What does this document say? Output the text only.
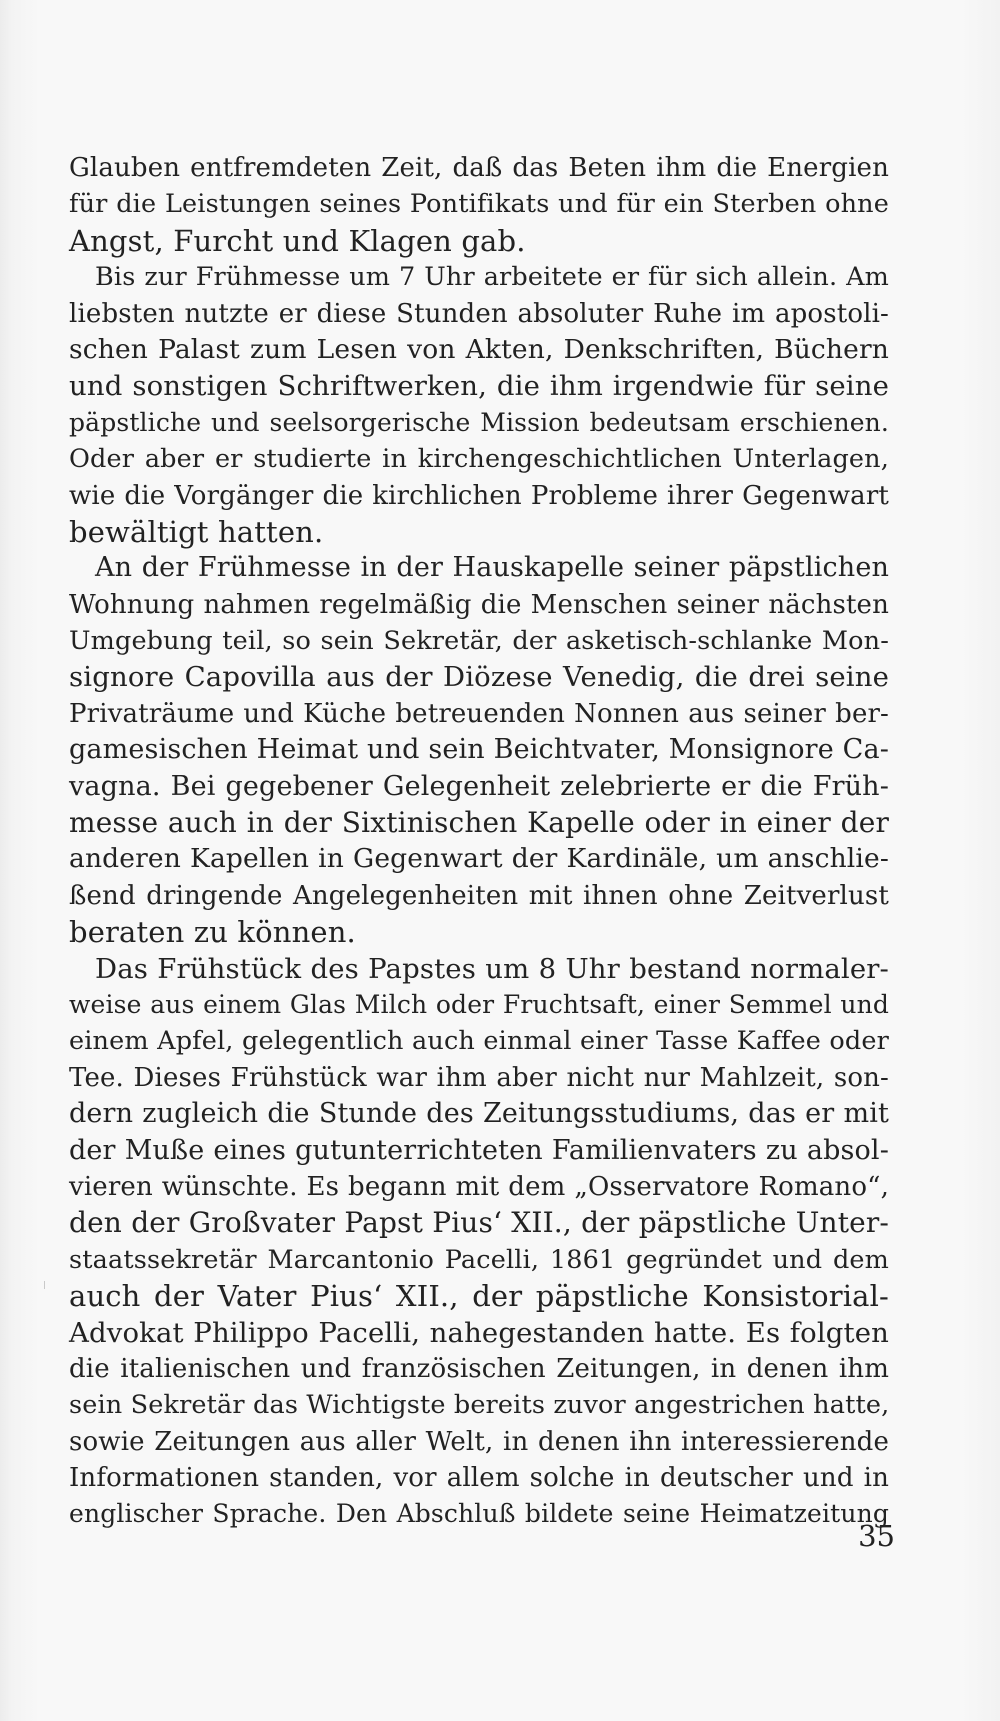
Glauben entfremdeten Zeit, daß das Beten ihm die Energien
für die Leistungen seines Pontifikats und für ein Sterben ohne
Angst, Furcht und Klagen gab.
Bis zur Frühmesse um 7 Uhr arbeitete er für sich allein. Am
liebsten nutzte er diese Stunden absoluter Ruhe im apostoli-
schen Palast zum Lesen von Akten, Denkschriften, Büchern
und sonstigen Schriftwerken, die ihm irgendwie für seine
päpstliche und seelsorgerische Mission bedeutsam erschienen.
Oder aber er studierte in kirchengeschichtlichen Unterlagen,
wie die Vorgänger die kirchlichen Probleme ihrer Gegenwart
bewältigt hatten.
An der Frühmesse in der Hauskapelle seiner päpstlichen
Wohnung nahmen regelmäßig die Menschen seiner nächsten
Umgebung teil, so sein Sekretär, der asketisch-schlanke Mon-
signore Capovilla aus der Diözese Venedig, die drei seine
Privaträume und Küche betreuenden Nonnen aus seiner ber-
gamesischen Heimat und sein Beichtvater, Monsignore Ca-
vagna. Bei gegebener Gelegenheit zelebrierte er die Früh-
messe auch in der Sixtinischen Kapelle oder in einer der
anderen Kapellen in Gegenwart der Kardinäle, um anschlie-
ßend dringende Angelegenheiten mit ihnen ohne Zeitverlust
beraten zu können.
Das Frühstück des Papstes um 8 Uhr bestand normaler-
weise aus einem Glas Milch oder Fruchtsaft, einer Semmel und
einem Apfel, gelegentlich auch einmal einer Tasse Kaffee oder
Tee. Dieses Frühstück war ihm aber nicht nur Mahlzeit, son-
dern zugleich die Stunde des Zeitungsstudiums, das er mit
der Muße eines gutunterrichteten Familienvaters zu absol-
vieren wünschte. Es begann mit dem „Osservatore Romano“,
den der Großvater Papst Pius‘ XII., der päpstliche Unter-
staatssekretär Marcantonio Pacelli, 1861 gegründet und dem
auch der Vater Pius‘ XII., der päpstliche Konsistorial-
Advokat Philippo Pacelli, nahegestanden hatte. Es folgten
die italienischen und französischen Zeitungen, in denen ihm
sein Sekretär das Wichtigste bereits zuvor angestrichen hatte,
sowie Zeitungen aus aller Welt, in denen ihn interessierende
Informationen standen, vor allem solche in deutscher und in
englischer Sprache. Den Abschluß bildete seine Heimatzeitung
35
